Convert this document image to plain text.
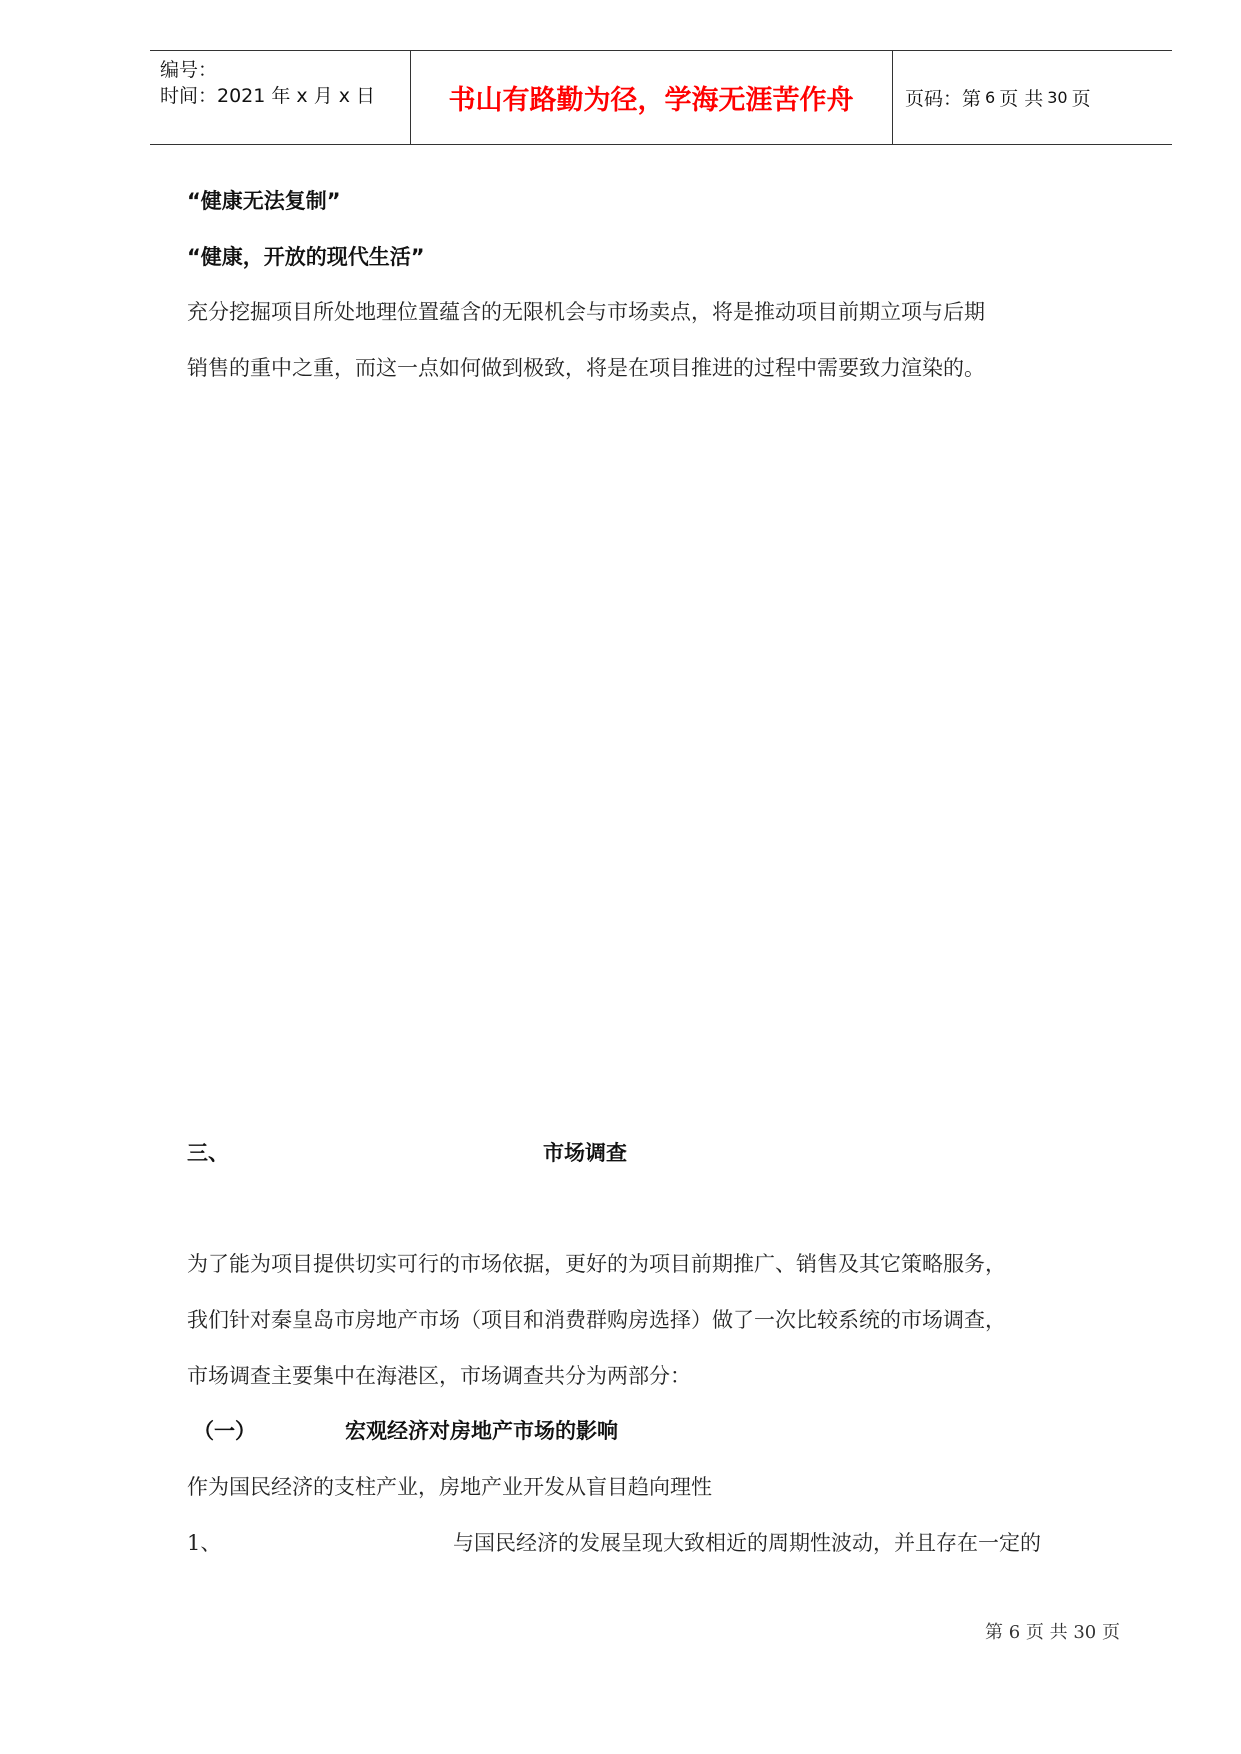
编号：
时间：2021 年 x 月 x 日	书山有路勤为径，学海无涯苦作舟	页码：第 6 页 共 30 页
“健康无法复制”
“健康，开放的现代生活”
充分挖掘项目所处地理位置蕴含的无限机会与市场卖点，将是推动项目前期立项与后期
销售的重中之重，而这一点如何做到极致，将是在项目推进的过程中需要致力渲染的。
三、	市场调查
为了能为项目提供切实可行的市场依据，更好的为项目前期推广、销售及其它策略服务，
我们针对秦皇岛市房地产市场（项目和消费群购房选择）做了一次比较系统的市场调查，
市场调查主要集中在海港区，市场调查共分为两部分：
（一）	宏观经济对房地产市场的影响
作为国民经济的支柱产业，房地产业开发从盲目趋向理性
1、	与国民经济的发展呈现大致相近的周期性波动，并且存在一定的
第 6 页 共 30 页
